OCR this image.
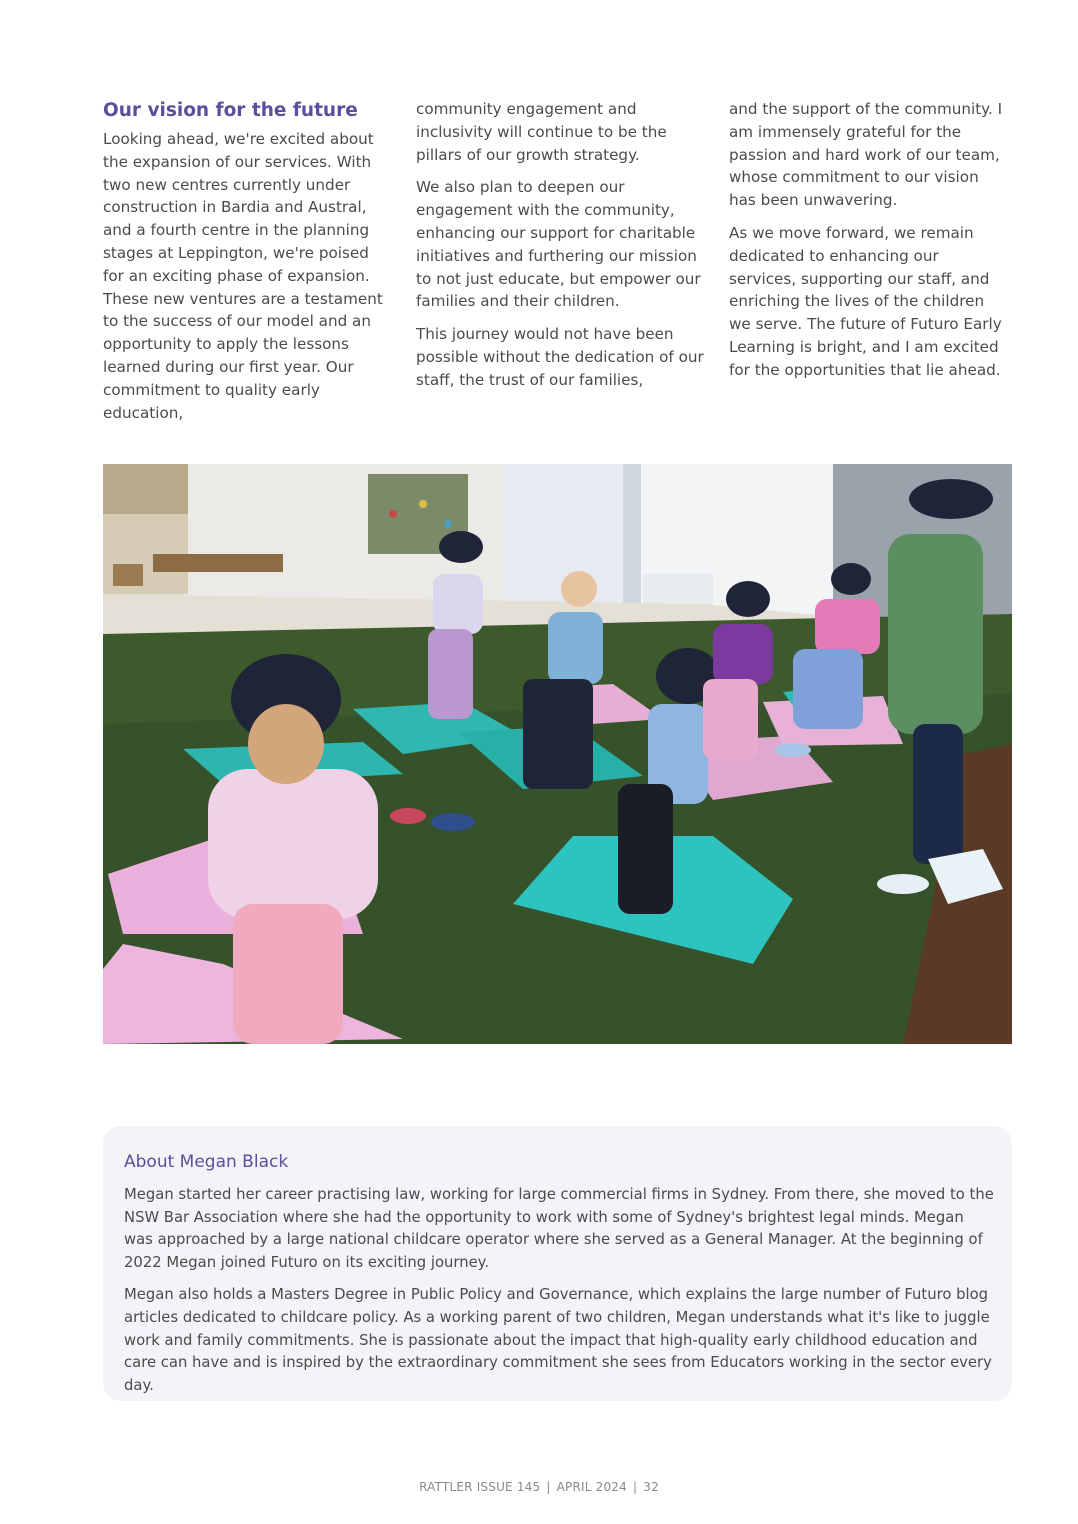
Our vision for the future

Looking ahead, we're excited about the expansion of our services. With two new centres currently under construction in Bardia and Austral, and a fourth centre in the planning stages at Leppington, we're poised for an exciting phase of expansion. These new ventures are a testament to the success of our model and an opportunity to apply the lessons learned during our first year. Our commitment to quality early education,

community engagement and inclusivity will continue to be the pillars of our growth strategy.

We also plan to deepen our engagement with the community, enhancing our support for charitable initiatives and furthering our mission to not just educate, but empower our families and their children.

This journey would not have been possible without the dedication of our staff, the trust of our families,

and the support of the community. I am immensely grateful for the passion and hard work of our team, whose commitment to our vision has been unwavering.

As we move forward, we remain dedicated to enhancing our services, supporting our staff, and enriching the lives of the children we serve. The future of Futuro Early Learning is bright, and I am excited for the opportunities that lie ahead.

About Megan Black

Megan started her career practising law, working for large commercial firms in Sydney. From there, she moved to the NSW Bar Association where she had the opportunity to work with some of Sydney's brightest legal minds. Megan was approached by a large national childcare operator where she served as a General Manager. At the beginning of 2022 Megan joined Futuro on its exciting journey.

Megan also holds a Masters Degree in Public Policy and Governance, which explains the large number of Futuro blog articles dedicated to childcare policy. As a working parent of two children, Megan understands what it's like to juggle work and family commitments. She is passionate about the impact that high-quality early childhood education and care can have and is inspired by the extraordinary commitment she sees from Educators working in the sector every day.

RATTLER ISSUE 145 | APRIL 2024 | 32
